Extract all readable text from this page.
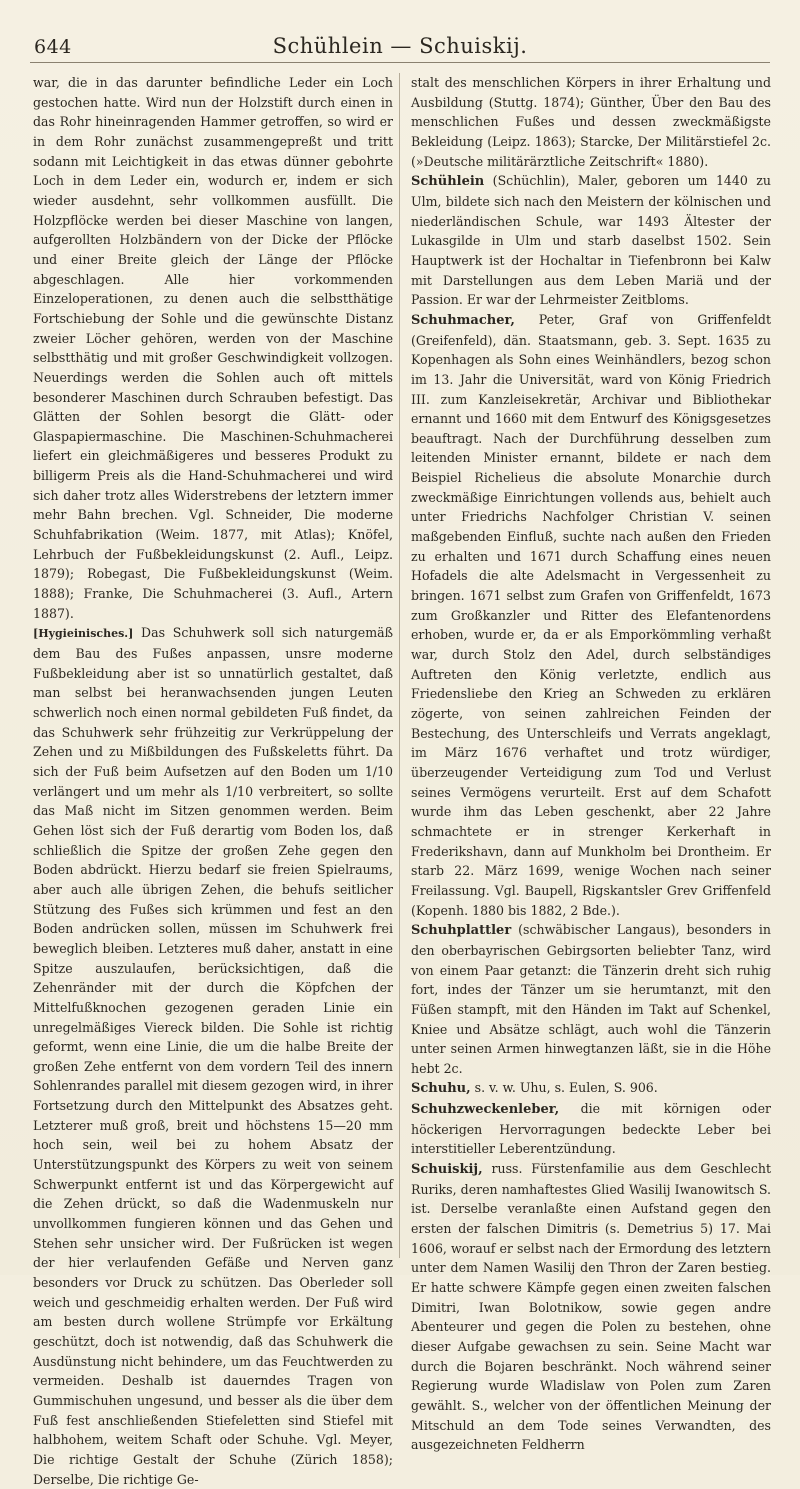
644	Schühlein — Schuiskij.

war, die in das darunter befindliche Leder ein Loch gestochen hatte. Wird nun der Holzstift durch einen in das Rohr hineinragenden Hammer getroffen, so wird er in dem Rohr zunächst zusammengepreßt und tritt sodann mit Leichtigkeit in das etwas dünner gebohrte Loch in dem Leder ein, wodurch er, indem er sich wieder ausdehnt, sehr vollkommen ausfüllt. Die Holzpflöcke werden bei dieser Maschine von langen, aufgerollten Holzbändern von der Dicke der Pflöcke und einer Breite gleich der Länge der Pflöcke abgeschlagen. Alle hier vorkommenden Einzeloperationen, zu denen auch die selbstthätige Fortschiebung der Sohle und die gewünschte Distanz zweier Löcher gehören, werden von der Maschine selbstthätig und mit großer Geschwindigkeit vollzogen. Neuerdings werden die Sohlen auch oft mittels besonderer Maschinen durch Schrauben befestigt. Das Glätten der Sohlen besorgt die Glätt- oder Glaspapiermaschine. Die Maschinen-Schuhmacherei liefert ein gleichmäßigeres und besseres Produkt zu billigerm Preis als die Hand-Schuhmacherei und wird sich daher trotz alles Widerstrebens der letztern immer mehr Bahn brechen. Vgl. Schneider, Die moderne Schuhfabrikation (Weim. 1877, mit Atlas); Knöfel, Lehrbuch der Fußbekleidungskunst (2. Aufl., Leipz. 1879); Robegast, Die Fußbekleidungskunst (Weim. 1888); Franke, Die Schuhmacherei (3. Aufl., Artern 1887).

[Hygieinisches.] Das Schuhwerk soll sich naturgemäß dem Bau des Fußes anpassen, unsre moderne Fußbekleidung aber ist so unnatürlich gestaltet, daß man selbst bei heranwachsenden jungen Leuten schwerlich noch einen normal gebildeten Fuß findet, da das Schuhwerk sehr frühzeitig zur Verkrüppelung der Zehen und zu Mißbildungen des Fußskeletts führt. Da sich der Fuß beim Aufsetzen auf den Boden um 1/10 verlängert und um mehr als 1/10 verbreitert, so sollte das Maß nicht im Sitzen genommen werden. Beim Gehen löst sich der Fuß derartig vom Boden los, daß schließlich die Spitze der großen Zehe gegen den Boden abdrückt. Hierzu bedarf sie freien Spielraums, aber auch alle übrigen Zehen, die behufs seitlicher Stützung des Fußes sich krümmen und fest an den Boden andrücken sollen, müssen im Schuhwerk frei beweglich bleiben. Letzteres muß daher, anstatt in eine Spitze auszulaufen, berücksichtigen, daß die Zehenränder mit der durch die Köpfchen der Mittelfußknochen gezogenen geraden Linie ein unregelmäßiges Viereck bilden. Die Sohle ist richtig geformt, wenn eine Linie, die um die halbe Breite der großen Zehe entfernt von dem vordern Teil des innern Sohlenrandes parallel mit diesem gezogen wird, in ihrer Fortsetzung durch den Mittelpunkt des Absatzes geht. Letzterer muß groß, breit und höchstens 15—20 mm hoch sein, weil bei zu hohem Absatz der Unterstützungspunkt des Körpers zu weit von seinem Schwerpunkt entfernt ist und das Körpergewicht auf die Zehen drückt, so daß die Wadenmuskeln nur unvollkommen fungieren können und das Gehen und Stehen sehr unsicher wird. Der Fußrücken ist wegen der hier verlaufenden Gefäße und Nerven ganz besonders vor Druck zu schützen. Das Oberleder soll weich und geschmeidig erhalten werden. Der Fuß wird am besten durch wollene Strümpfe vor Erkältung geschützt, doch ist notwendig, daß das Schuhwerk die Ausdünstung nicht behindere, um das Feuchtwerden zu vermeiden. Deshalb ist dauerndes Tragen von Gummischuhen ungesund, und besser als die über dem Fuß fest anschließenden Stiefeletten sind Stiefel mit halbhohem, weitem Schaft oder Schuhe. Vgl. Meyer, Die richtige Gestalt der Schuhe (Zürich 1858); Derselbe, Die richtige Ge-

stalt des menschlichen Körpers in ihrer Erhaltung und Ausbildung (Stuttg. 1874); Günther, Über den Bau des menschlichen Fußes und dessen zweckmäßigste Bekleidung (Leipz. 1863); Starcke, Der Militärstiefel 2c. (»Deutsche militärärztliche Zeitschrift« 1880).

Schühlein (Schüchlin), Maler, geboren um 1440 zu Ulm, bildete sich nach den Meistern der kölnischen und niederländischen Schule, war 1493 Ältester der Lukasgilde in Ulm und starb daselbst 1502. Sein Hauptwerk ist der Hochaltar in Tiefenbronn bei Kalw mit Darstellungen aus dem Leben Mariä und der Passion. Er war der Lehrmeister Zeitbloms.

Schuhmacher, Peter, Graf von Griffenfeldt (Greifenfeld), dän. Staatsmann, geb. 3. Sept. 1635 zu Kopenhagen als Sohn eines Weinhändlers, bezog schon im 13. Jahr die Universität, ward von König Friedrich III. zum Kanzleisekretär, Archivar und Bibliothekar ernannt und 1660 mit dem Entwurf des Königsgesetzes beauftragt. Nach der Durchführung desselben zum leitenden Minister ernannt, bildete er nach dem Beispiel Richelieus die absolute Monarchie durch zweckmäßige Einrichtungen vollends aus, behielt auch unter Friedrichs Nachfolger Christian V. seinen maßgebenden Einfluß, suchte nach außen den Frieden zu erhalten und 1671 durch Schaffung eines neuen Hofadels die alte Adelsmacht in Vergessenheit zu bringen. 1671 selbst zum Grafen von Griffenfeldt, 1673 zum Großkanzler und Ritter des Elefantenordens erhoben, wurde er, da er als Emporkömmling verhaßt war, durch Stolz den Adel, durch selbständiges Auftreten den König verletzte, endlich aus Friedensliebe den Krieg an Schweden zu erklären zögerte, von seinen zahlreichen Feinden der Bestechung, des Unterschleifs und Verrats angeklagt, im März 1676 verhaftet und trotz würdiger, überzeugender Verteidigung zum Tod und Verlust seines Vermögens verurteilt. Erst auf dem Schafott wurde ihm das Leben geschenkt, aber 22 Jahre schmachtete er in strenger Kerkerhaft in Frederikshavn, dann auf Munkholm bei Drontheim. Er starb 22. März 1699, wenige Wochen nach seiner Freilassung. Vgl. Baupell, Rigskantsler Grev Griffenfeld (Kopenh. 1880 bis 1882, 2 Bde.).

Schuhplattler (schwäbischer Langaus), besonders in den oberbayrischen Gebirgsorten beliebter Tanz, wird von einem Paar getanzt: die Tänzerin dreht sich ruhig fort, indes der Tänzer um sie herumtanzt, mit den Füßen stampft, mit den Händen im Takt auf Schenkel, Kniee und Absätze schlägt, auch wohl die Tänzerin unter seinen Armen hinwegtanzen läßt, sie in die Höhe hebt 2c.

Schuhu, s. v. w. Uhu, s. Eulen, S. 906.

Schuhzweckenleber, die mit körnigen oder höckerigen Hervorragungen bedeckte Leber bei interstitieller Leberentzündung.

Schuiskij, russ. Fürstenfamilie aus dem Geschlecht Ruriks, deren namhaftestes Glied Wasilij Iwanowitsch S. ist. Derselbe veranlaßte einen Aufstand gegen den ersten der falschen Dimitris (s. Demetrius 5) 17. Mai 1606, worauf er selbst nach der Ermordung des letztern unter dem Namen Wasilij den Thron der Zaren bestieg. Er hatte schwere Kämpfe gegen einen zweiten falschen Dimitri, Iwan Bolotnikow, sowie gegen andre Abenteurer und gegen die Polen zu bestehen, ohne dieser Aufgabe gewachsen zu sein. Seine Macht war durch die Bojaren beschränkt. Noch während seiner Regierung wurde Wladislaw von Polen zum Zaren gewählt. S., welcher von der öffentlichen Meinung der Mitschuld an dem Tode seines Verwandten, des ausgezeichneten Feldherrn
